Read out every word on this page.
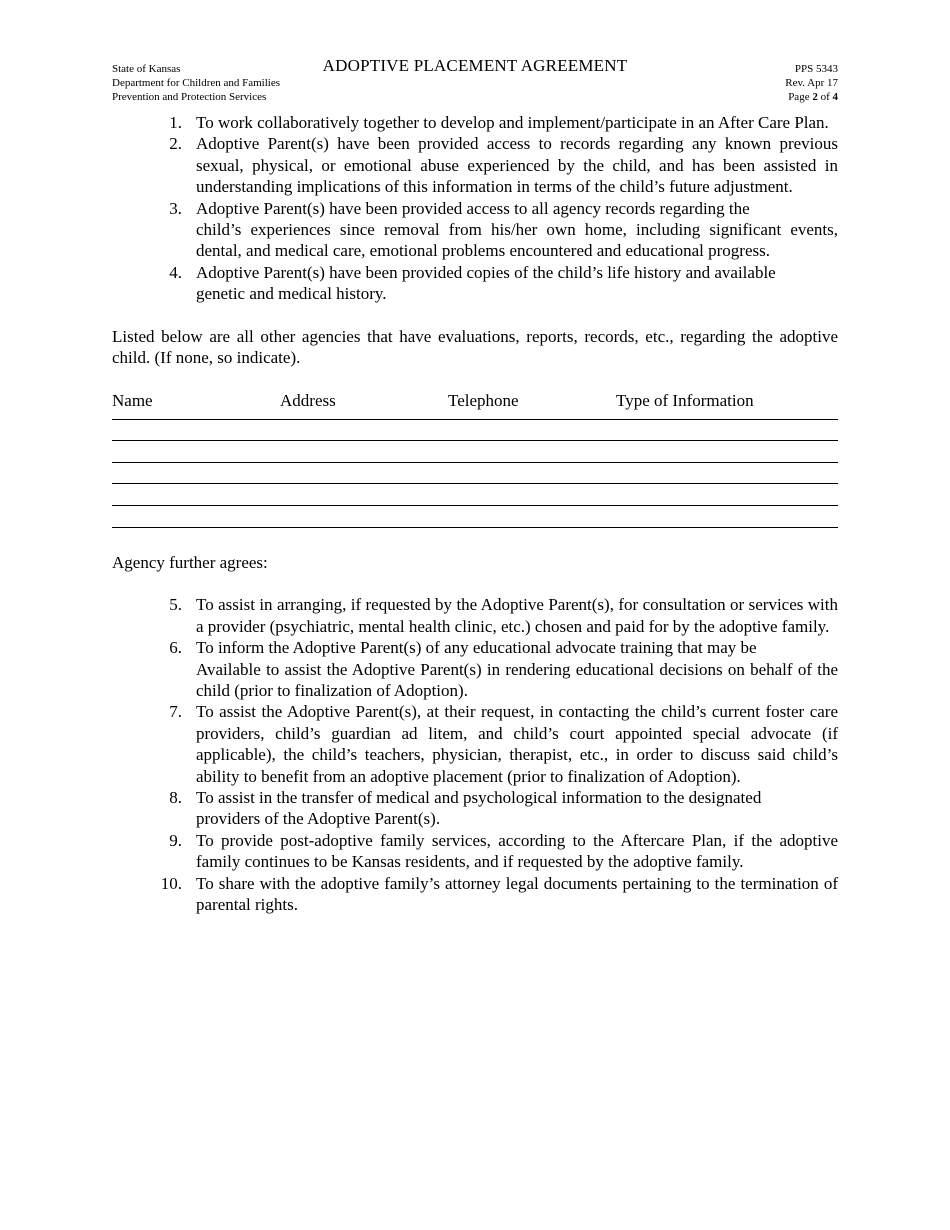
State of Kansas
Department for Children and Families
Prevention and Protection Services
ADOPTIVE PLACEMENT AGREEMENT	PPS 5343
Rev. Apr 17
Page 2 of 4
1. To work collaboratively together to develop and implement/participate in an After Care Plan.
2. Adoptive Parent(s) have been provided access to records regarding any known previous sexual, physical, or emotional abuse experienced by the child, and has been assisted in understanding implications of this information in terms of the child’s future adjustment.
3. Adoptive Parent(s) have been provided access to all agency records regarding the
child’s experiences since removal from his/her own home, including significant events, dental, and medical care, emotional problems encountered and educational progress.
4. Adoptive Parent(s) have been provided copies of the child’s life history and available
genetic and medical history.
Listed below are all other agencies that have evaluations, reports, records, etc., regarding the adoptive child. (If none, so indicate).
Name	Address	Telephone	Type of Information
Agency further agrees:
5. To assist in arranging, if requested by the Adoptive Parent(s), for consultation or services with a provider (psychiatric, mental health clinic, etc.) chosen and paid for by the adoptive family.
6. To inform the Adoptive Parent(s) of any educational advocate training that may be
Available to assist the Adoptive Parent(s) in rendering educational decisions on behalf of the child (prior to finalization of Adoption).
7. To assist the Adoptive Parent(s), at their request, in contacting the child’s current foster care providers, child’s guardian ad litem, and child’s court appointed special advocate (if applicable), the child’s teachers, physician, therapist, etc., in order to discuss said child’s ability to benefit from an adoptive placement (prior to finalization of Adoption).
8. To assist in the transfer of medical and psychological information to the designated
providers of the Adoptive Parent(s).
9. To provide post-adoptive family services, according to the Aftercare Plan, if the adoptive family continues to be Kansas residents, and if requested by the adoptive family.
10. To share with the adoptive family’s attorney legal documents pertaining to the termination of parental rights.
